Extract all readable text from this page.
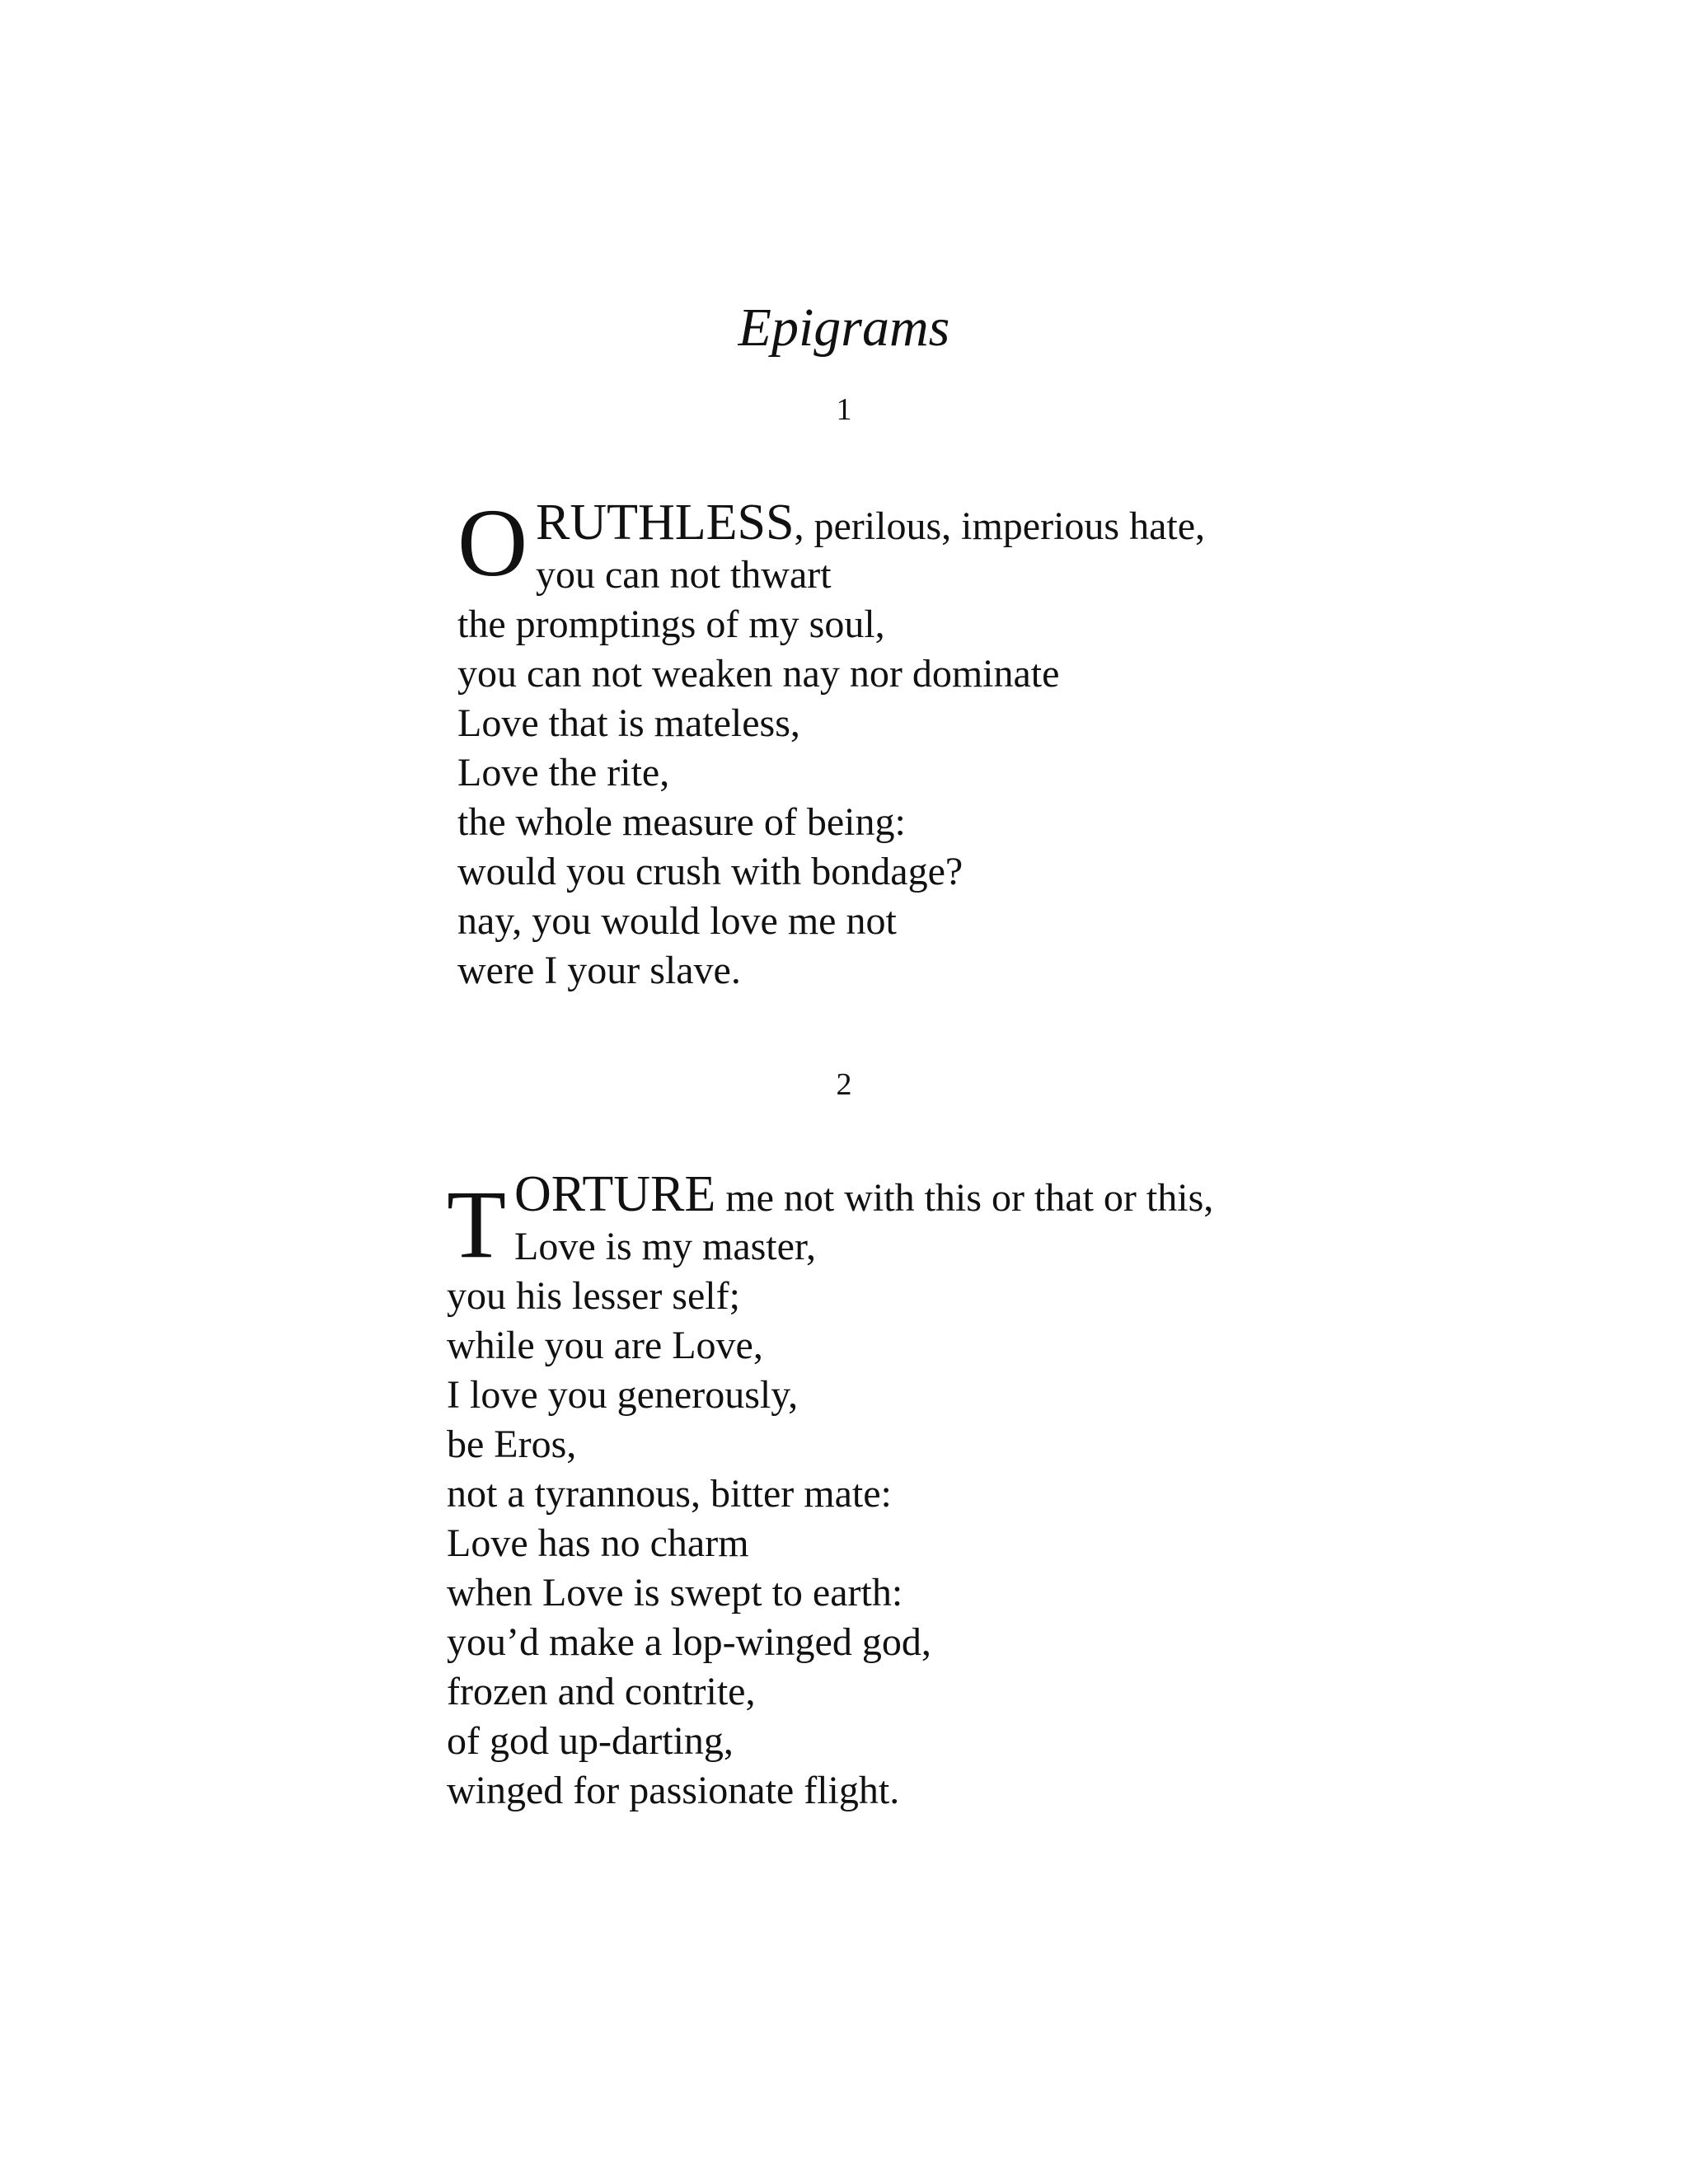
Epigrams
1
O RUTHLESS, perilous, imperious hate,
you can not thwart
the promptings of my soul,
you can not weaken nay nor dominate
Love that is mateless,
Love the rite,
the whole measure of being:
would you crush with bondage?
nay, you would love me not
were I your slave.
2
T ORTURE me not with this or that or this,
Love is my master,
you his lesser self;
while you are Love,
I love you generously,
be Eros,
not a tyrannous, bitter mate:
Love has no charm
when Love is swept to earth:
you’d make a lop-winged god,
frozen and contrite,
of god up-darting,
winged for passionate flight.
